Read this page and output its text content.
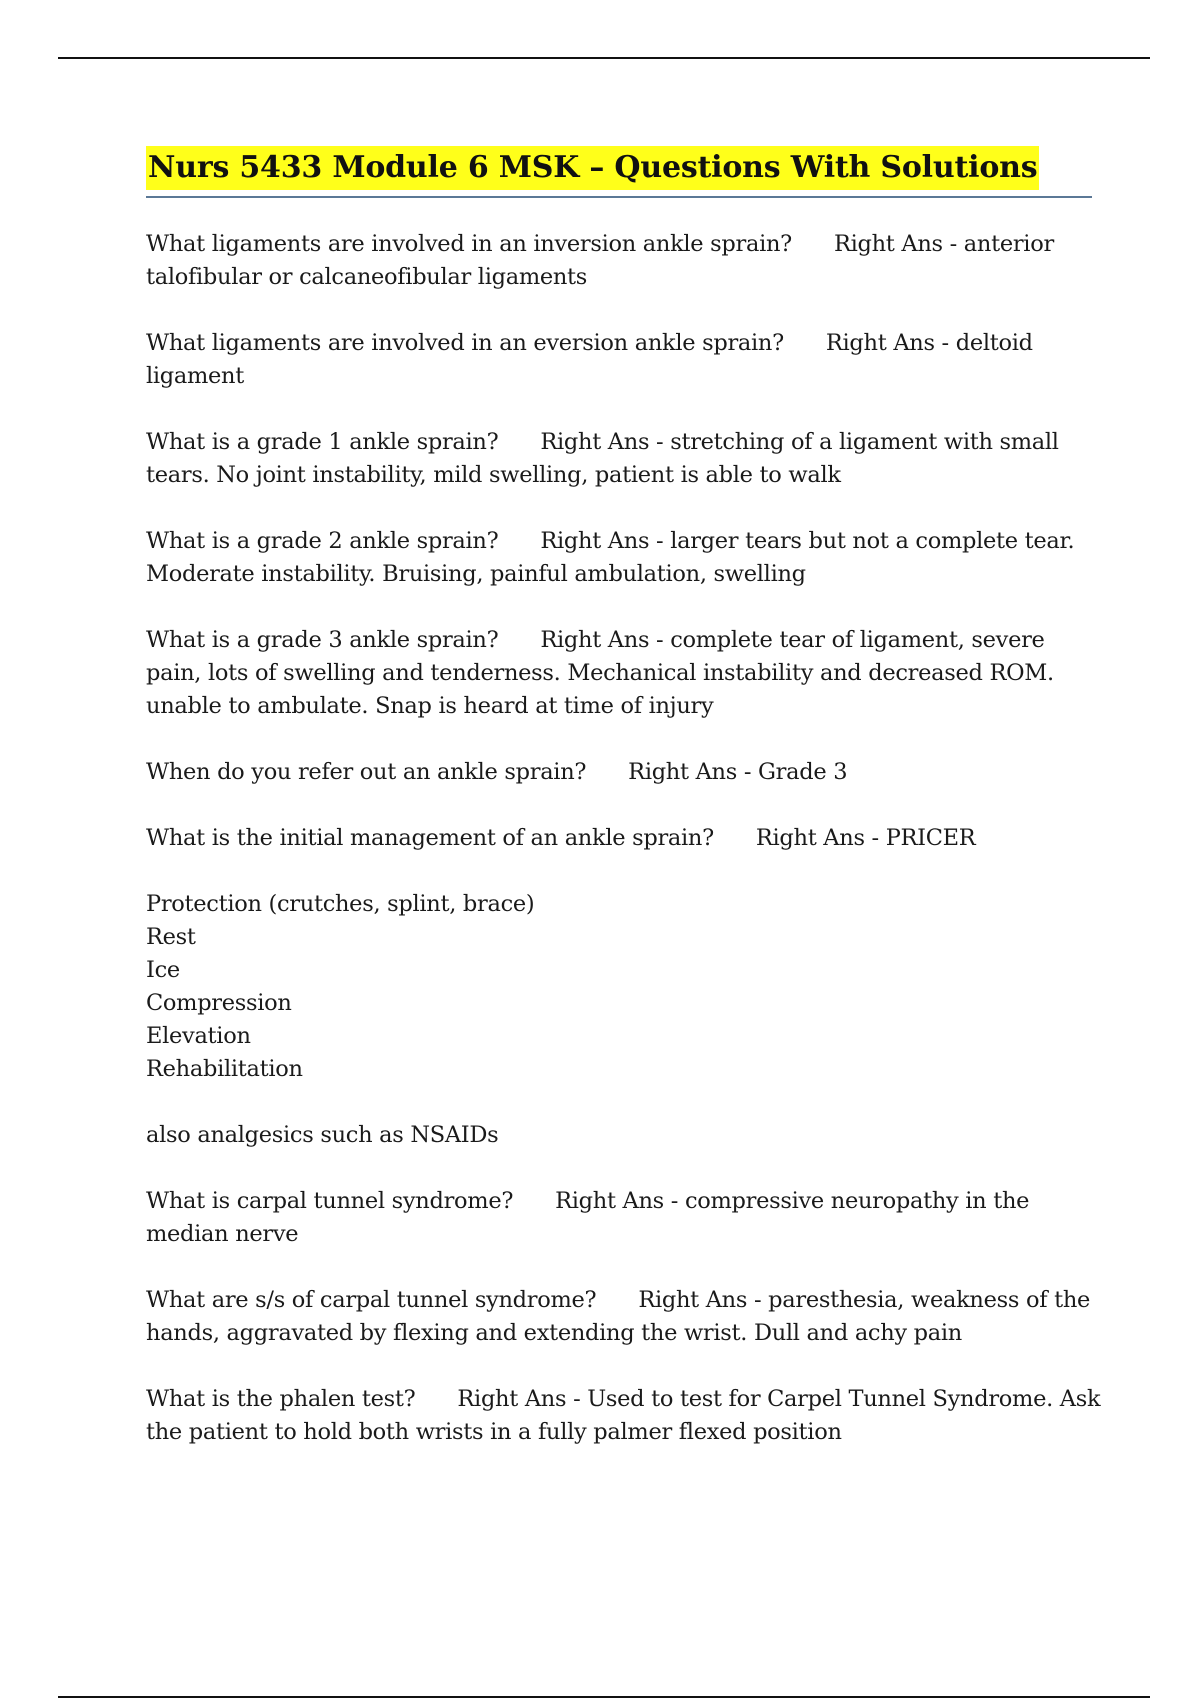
Nurs 5433 Module 6 MSK – Questions With Solutions

What ligaments are involved in an inversion ankle sprain? Right Ans - anterior talofibular or calcaneofibular ligaments

What ligaments are involved in an eversion ankle sprain? Right Ans - deltoid ligament

What is a grade 1 ankle sprain? Right Ans - stretching of a ligament with small tears. No joint instability, mild swelling, patient is able to walk

What is a grade 2 ankle sprain? Right Ans - larger tears but not a complete tear. Moderate instability. Bruising, painful ambulation, swelling

What is a grade 3 ankle sprain? Right Ans - complete tear of ligament, severe pain, lots of swelling and tenderness. Mechanical instability and decreased ROM. unable to ambulate. Snap is heard at time of injury

When do you refer out an ankle sprain? Right Ans - Grade 3

What is the initial management of an ankle sprain? Right Ans - PRICER

Protection (crutches, splint, brace)
Rest
Ice
Compression
Elevation
Rehabilitation

also analgesics such as NSAIDs

What is carpal tunnel syndrome? Right Ans - compressive neuropathy in the median nerve

What are s/s of carpal tunnel syndrome? Right Ans - paresthesia, weakness of the hands, aggravated by flexing and extending the wrist. Dull and achy pain

What is the phalen test? Right Ans - Used to test for Carpel Tunnel Syndrome. Ask the patient to hold both wrists in a fully palmer flexed position
